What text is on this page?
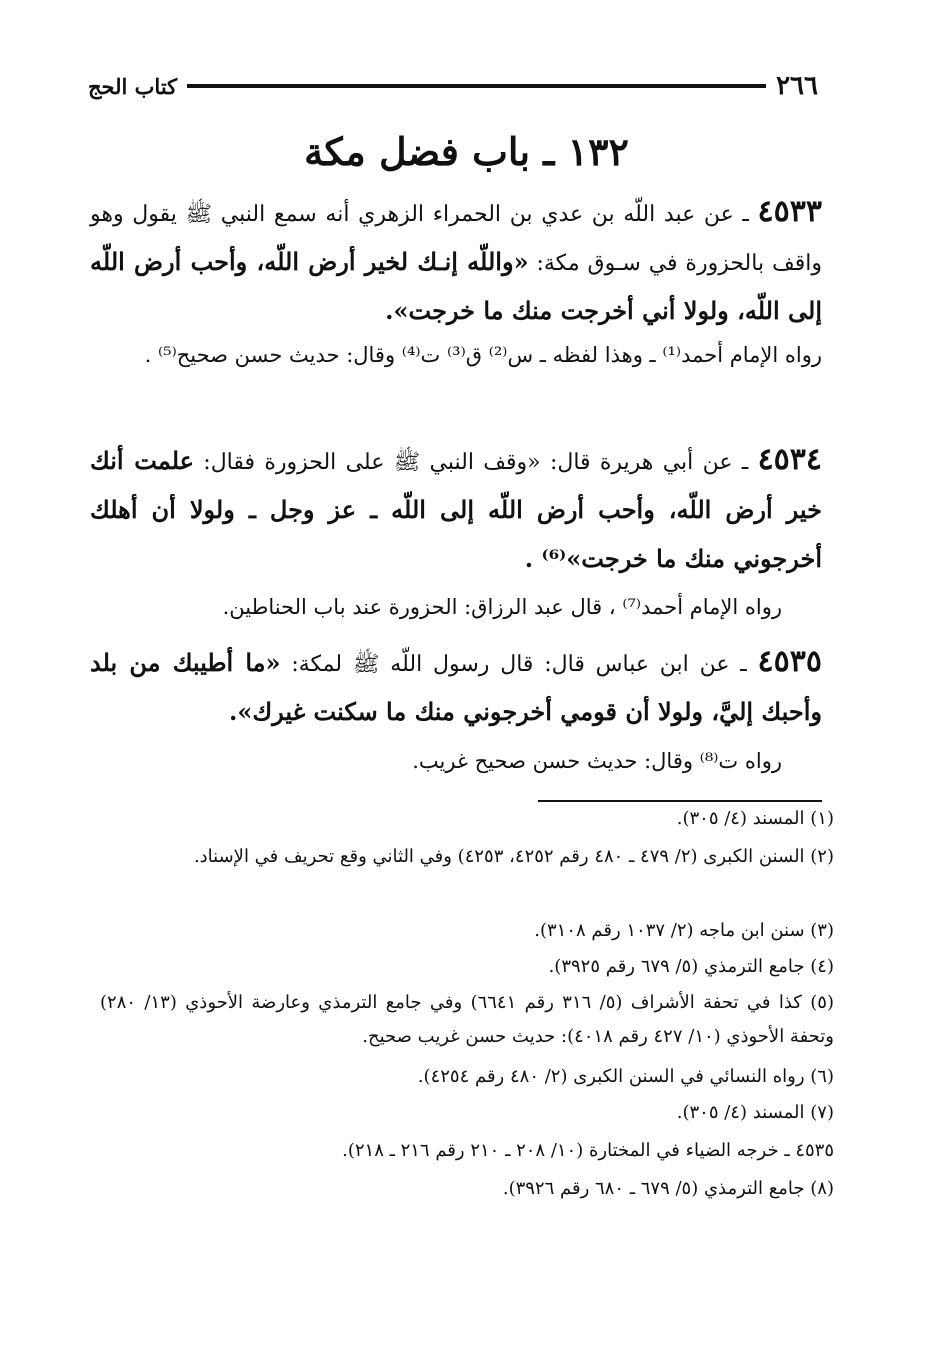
٢٦٦
كتاب الحج
١٣٢ ـ باب فضل مكة
٤٥٣٣ ـ عن عبد اللّه بن عدي بن الحمراء الزهري أنه سمع النبي ﷺ يقول وهو واقف بالحزورة في سـوق مكة: «واللّه إنـك لخير أرض اللّه، وأحب أرض اللّه إلى اللّه، ولولا أني أخرجت منك ما خرجت».
رواه الإمام أحمد⁽¹⁾ ـ وهذا لفظه ـ س⁽²⁾ ق⁽³⁾ ت⁽⁴⁾ وقال: حديث حسن صحيح⁽⁵⁾ .
٤٥٣٤ ـ عن أبي هريرة قال: «وقف النبي ﷺ على الحزورة فقال: علمت أنك خير أرض اللّه، وأحب أرض اللّه إلى اللّه ـ عز وجل ـ ولولا أن أهلك أخرجوني منك ما خرجت»⁽⁶⁾ .
رواه الإمام أحمد⁽⁷⁾ ، قال عبد الرزاق: الحزورة عند باب الحناطين.
٤٥٣٥ ـ عن ابن عباس قال: قال رسول اللّه ﷺ لمكة: «ما أطيبك من بلد وأحبك إليَّ، ولولا أن قومي أخرجوني منك ما سكنت غيرك».
رواه ت⁽⁸⁾ وقال: حديث حسن صحيح غريب.
(١) المسند (٤/ ٣٠٥).
(٢) السنن الكبرى (٢/ ٤٧٩ ـ ٤٨٠ رقم ٤٢٥٢، ٤٢٥٣) وفي الثاني وقع تحريف في الإسناد.
(٣) سنن ابن ماجه (٢/ ١٠٣٧ رقم ٣١٠٨).
(٤) جامع الترمذي (٥/ ٦٧٩ رقم ٣٩٢٥).
(٥) كذا في تحفة الأشراف (٥/ ٣١٦ رقم ٦٦٤١) وفي جامع الترمذي وعارضة الأحوذي (١٣/ ٢٨٠) وتحفة الأحوذي (١٠/ ٤٢٧ رقم ٤٠١٨): حديث حسن غريب صحيح.
(٦) رواه النسائي في السنن الكبرى (٢/ ٤٨٠ رقم ٤٢٥٤).
(٧) المسند (٤/ ٣٠٥).
٤٥٣٥ ـ خرجه الضياء في المختارة (١٠/ ٢٠٨ ـ ٢١٠ رقم ٢١٦ ـ ٢١٨).
(٨) جامع الترمذي (٥/ ٦٧٩ ـ ٦٨٠ رقم ٣٩٢٦).
